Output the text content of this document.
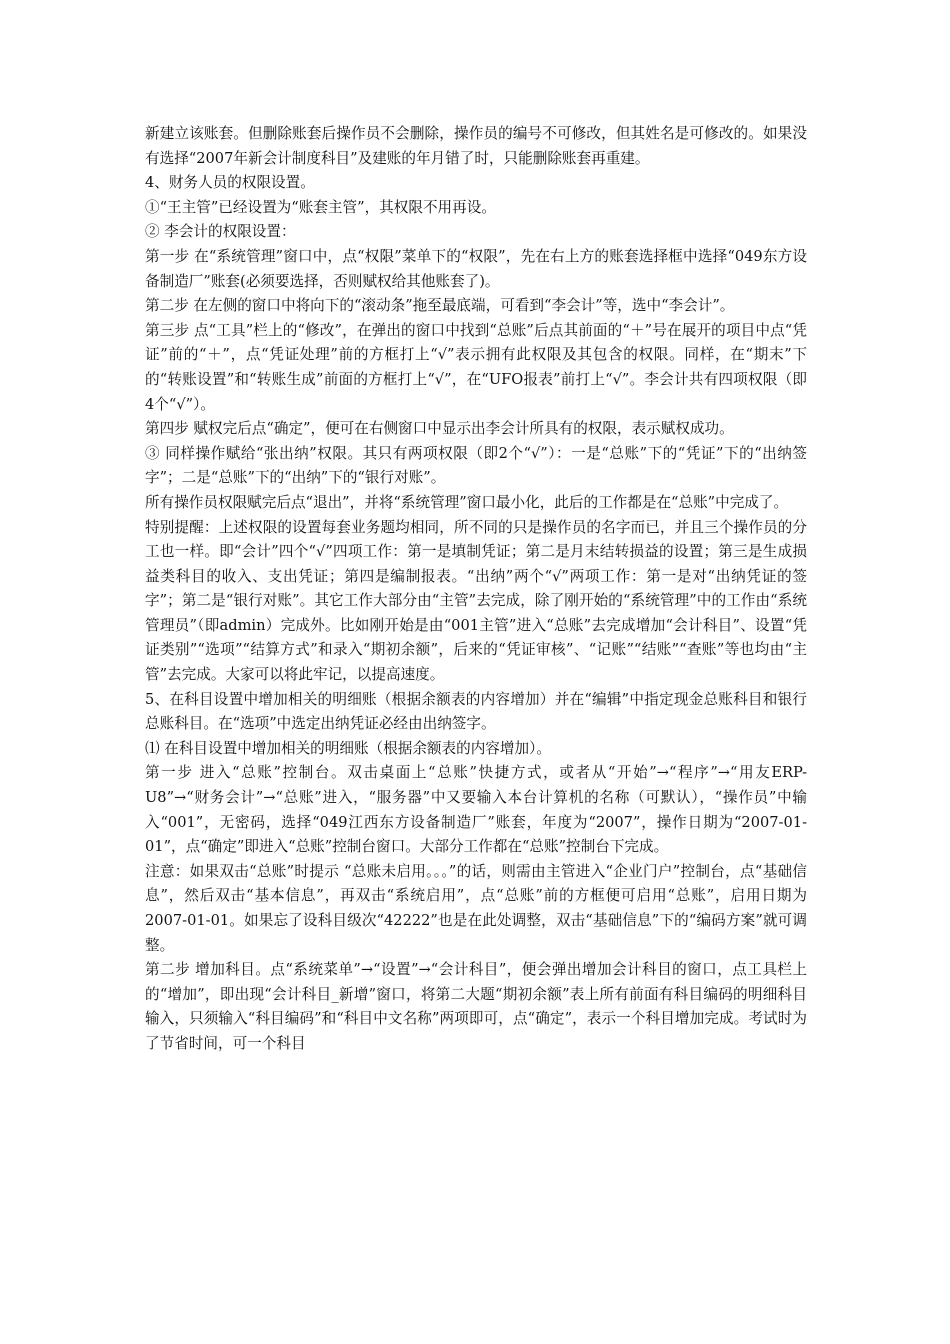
新建立该账套。但删除账套后操作员不会删除，操作员的编号不可修改，但其姓名是可修改的。如果没有选择“2007年新会计制度科目”及建账的年月错了时，只能删除账套再重建。

4、财务人员的权限设置。

①“王主管”已经设置为“账套主管”，其权限不用再设。

② 李会计的权限设置：

第一步 在“系统管理”窗口中，点“权限”菜单下的“权限”，先在右上方的账套选择框中选择“049东方设备制造厂”账套(必须要选择，否则赋权给其他账套了)。

第二步 在左侧的窗口中将向下的“滚动条”拖至最底端，可看到“李会计”等，选中“李会计”。

第三步 点“工具”栏上的“修改”，在弹出的窗口中找到“总账”后点其前面的“＋”号在展开的项目中点“凭证”前的“＋”，点“凭证处理”前的方框打上“√”表示拥有此权限及其包含的权限。同样，在“期末”下的“转账设置”和“转账生成”前面的方框打上“√”，在“UFO报表”前打上“√”。李会计共有四项权限（即4个“√”）。

第四步 赋权完后点“确定”，便可在右侧窗口中显示出李会计所具有的权限，表示赋权成功。

③ 同样操作赋给“张出纳”权限。其只有两项权限（即2个“√”）：一是“总账”下的“凭证”下的“出纳签字”；二是“总账”下的“出纳”下的“银行对账”。

所有操作员权限赋完后点“退出”，并将“系统管理”窗口最小化，此后的工作都是在“总账”中完成了。

特别提醒：上述权限的设置每套业务题均相同，所不同的只是操作员的名字而已，并且三个操作员的分工也一样。即“会计”四个“√”四项工作：第一是填制凭证；第二是月末结转损益的设置；第三是生成损益类科目的收入、支出凭证；第四是编制报表。“出纳”两个“√”两项工作：第一是对“出纳凭证的签字”；第二是“银行对账”。其它工作大部分由“主管”去完成，除了刚开始的“系统管理”中的工作由“系统管理员”（即admin）完成外。比如刚开始是由“001主管”进入“总账”去完成增加“会计科目”、设置“凭证类别”“选项”“结算方式”和录入“期初余额”，后来的“凭证审核”、“记账”“结账”“查账”等也均由“主管”去完成。大家可以将此牢记，以提高速度。

5、在科目设置中增加相关的明细账（根据余额表的内容增加）并在“编辑”中指定现金总账科目和银行总账科目。在“选项”中选定出纳凭证必经由出纳签字。

⑴ 在科目设置中增加相关的明细账（根据余额表的内容增加）。

第一步 进入“总账”控制台。双击桌面上“总账”快捷方式，或者从“开始”→“程序”→“用友ERP-U8”→“财务会计”→“总账”进入，“服务器”中又要输入本台计算机的名称（可默认），“操作员”中输入“001”，无密码，选择“049江西东方设备制造厂”账套，年度为“2007”，操作日期为“2007-01-01”，点“确定”即进入“总账”控制台窗口。大部分工作都在“总账”控制台下完成。

注意：如果双击“总账”时提示 “总账未启用。。。”的话，则需由主管进入“企业门户”控制台，点“基础信息”，然后双击“基本信息”，再双击“系统启用”，点“总账”前的方框便可启用“总账”，启用日期为2007-01-01。如果忘了设科目级次“42222”也是在此处调整，双击“基础信息”下的“编码方案”就可调整。

第二步 增加科目。点“系统菜单”→“设置”→“会计科目”，便会弹出增加会计科目的窗口，点工具栏上的“增加”，即出现“会计科目_新增”窗口，将第二大题“期初余额”表上所有前面有科目编码的明细科目输入，只须输入“科目编码”和“科目中文名称”两项即可，点“确定”，表示一个科目增加完成。考试时为了节省时间，可一个科目
